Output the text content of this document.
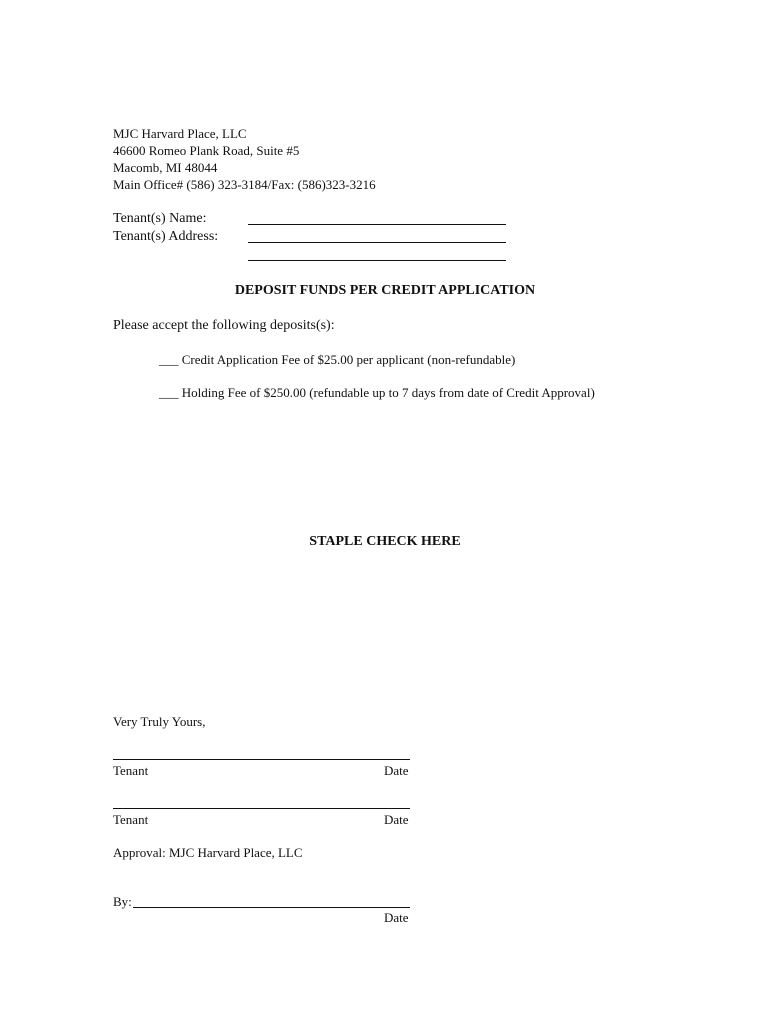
MJC Harvard Place, LLC
46600 Romeo Plank Road, Suite #5
Macomb, MI 48044
Main Office# (586) 323-3184/Fax: (586)323-3216
Tenant(s) Name:
Tenant(s) Address:
DEPOSIT FUNDS PER CREDIT APPLICATION
Please accept the following deposits(s):
___ Credit Application Fee of $25.00 per applicant (non-refundable)
___ Holding Fee of $250.00 (refundable up to 7 days from date of Credit Approval)
STAPLE CHECK HERE
Very Truly Yours,
Tenant	Date
Tenant	Date
Approval: MJC Harvard Place, LLC
By:
Date
